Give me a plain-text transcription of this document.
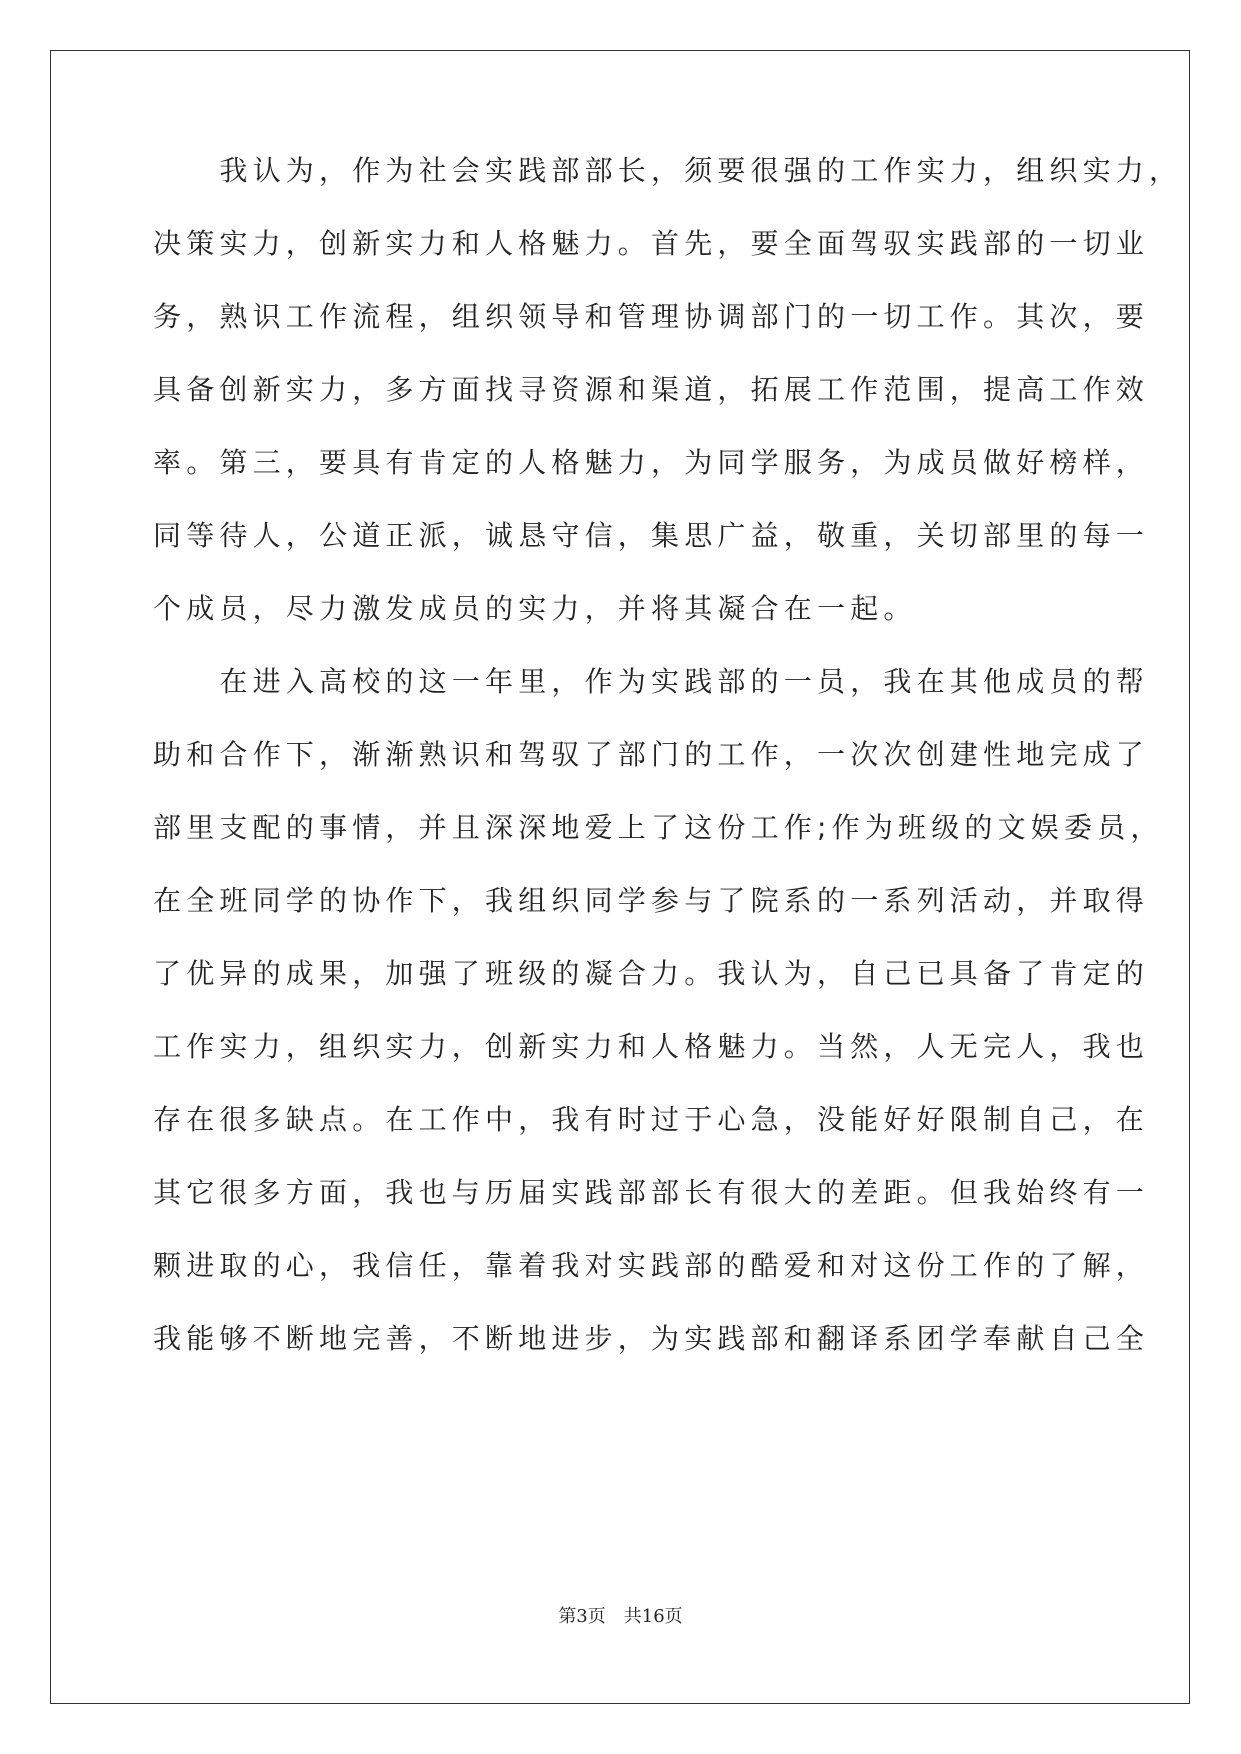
　　我认为，作为社会实践部部长，须要很强的工作实力，组织实力，
决策实力，创新实力和人格魅力。首先，要全面驾驭实践部的一切业
务，熟识工作流程，组织领导和管理协调部门的一切工作。其次，要
具备创新实力，多方面找寻资源和渠道，拓展工作范围，提高工作效
率。第三，要具有肯定的人格魅力，为同学服务，为成员做好榜样，
同等待人，公道正派，诚恳守信，集思广益，敬重，关切部里的每一
个成员，尽力激发成员的实力，并将其凝合在一起。
　　在进入高校的这一年里，作为实践部的一员，我在其他成员的帮
助和合作下，渐渐熟识和驾驭了部门的工作，一次次创建性地完成了
部里支配的事情，并且深深地爱上了这份工作;作为班级的文娱委员，
在全班同学的协作下，我组织同学参与了院系的一系列活动，并取得
了优异的成果，加强了班级的凝合力。我认为，自己已具备了肯定的
工作实力，组织实力，创新实力和人格魅力。当然，人无完人，我也
存在很多缺点。在工作中，我有时过于心急，没能好好限制自己，在
其它很多方面，我也与历届实践部部长有很大的差距。但我始终有一
颗进取的心，我信任，靠着我对实践部的酷爱和对这份工作的了解，
我能够不断地完善，不断地进步，为实践部和翻译系团学奉献自己全
第3页 共16页
